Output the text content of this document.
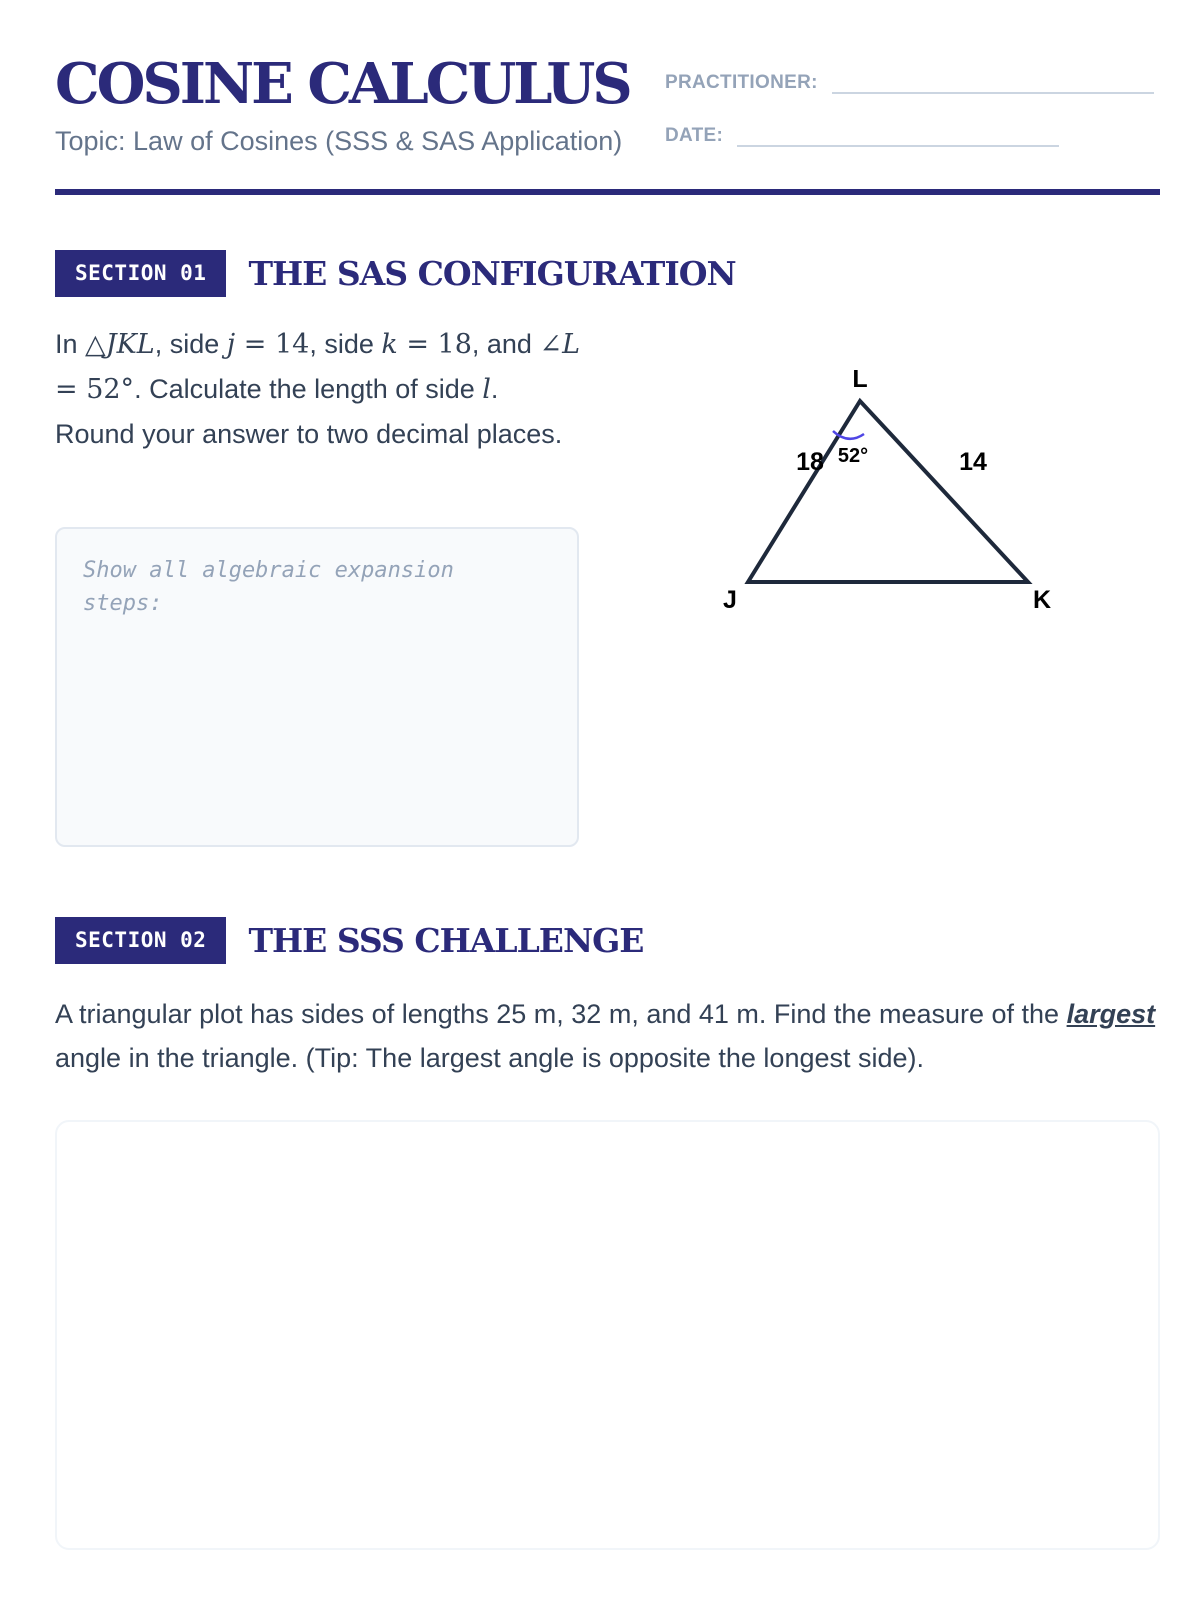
COSINE CALCULUS
Topic: Law of Cosines (SSS & SAS Application)
PRACTITIONER:
DATE:
SECTION 01	THE SAS CONFIGURATION
In △JKL, side j = 14, side k = 18, and ∠L = 52°. Calculate the length of side l. Round your answer to two decimal places.
Show all algebraic expansion steps:
L
J	K
18	14
52°
SECTION 02	THE SSS CHALLENGE
A triangular plot has sides of lengths 25 m, 32 m, and 41 m. Find the measure of the largest angle in the triangle. (Tip: The largest angle is opposite the longest side).
